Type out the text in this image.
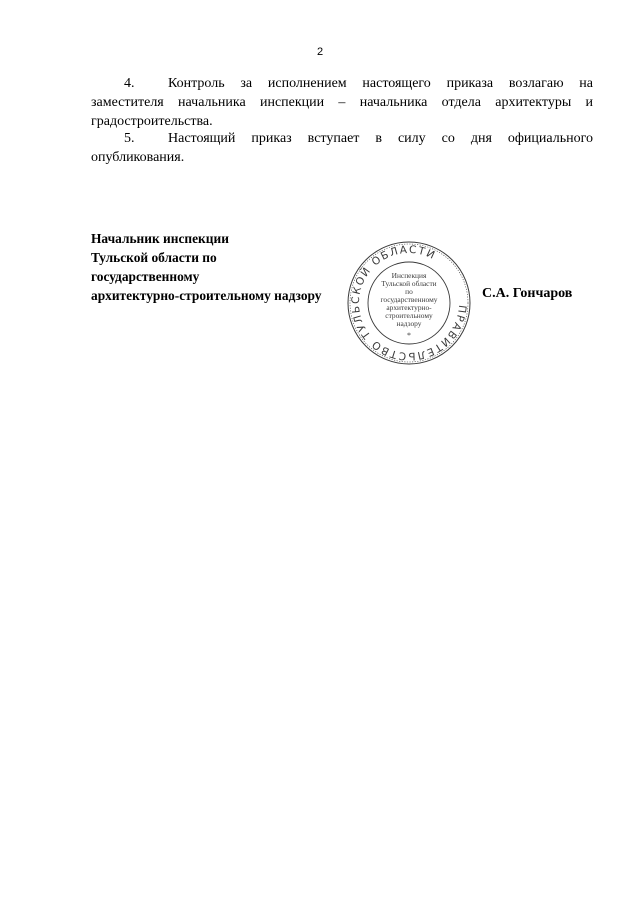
2
4. Контроль за исполнением настоящего приказа возлагаю на
заместителя начальника инспекции – начальника отдела архитектуры и
градостроительства.
5. Настоящий приказ вступает в силу со дня официального
опубликования.
Начальник инспекции
Тульской области по
государственному
архитектурно-строительному надзору	С.А. Гончаров
ПРАВИТЕЛЬСТВО ТУЛЬСКОЙ ОБЛАСТИ
Инспекция
Тульской области
по
государственному
архитектурно-
строительному
надзору
*
